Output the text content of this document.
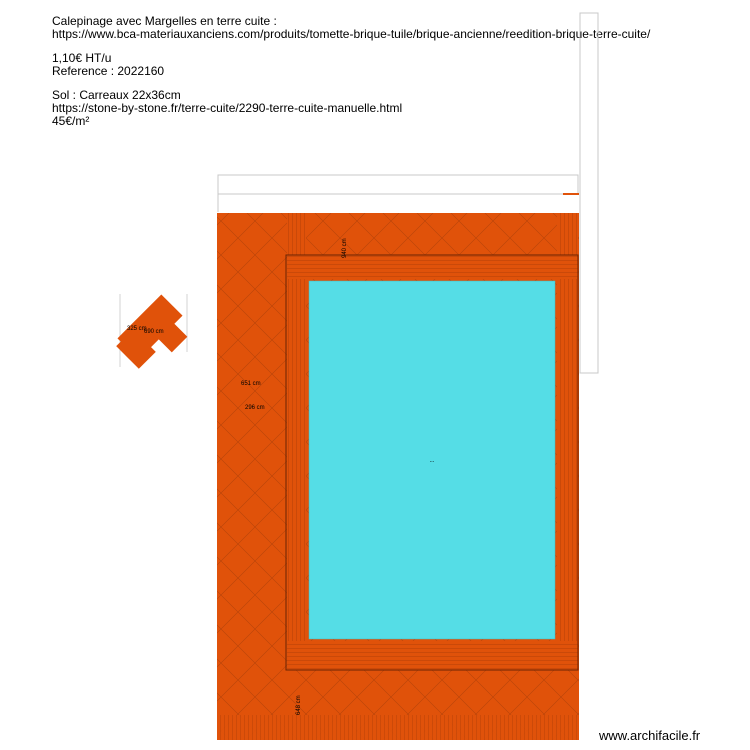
Calepinage avec Margelles en terre cuite :
https://www.bca-materiauxanciens.com/produits/tomette-brique-tuile/brique-ancienne/reedition-brique-terre-cuite/
1,10€ HT/u
Reference : 2022160
Sol : Carreaux 22x36cm
https://stone-by-stone.fr/terre-cuite/2290-terre-cuite-manuelle.html
45€/m²
...
940 cm
651 cm
296 cm
648 cm
325 cm
690 cm
www.archifacile.fr
